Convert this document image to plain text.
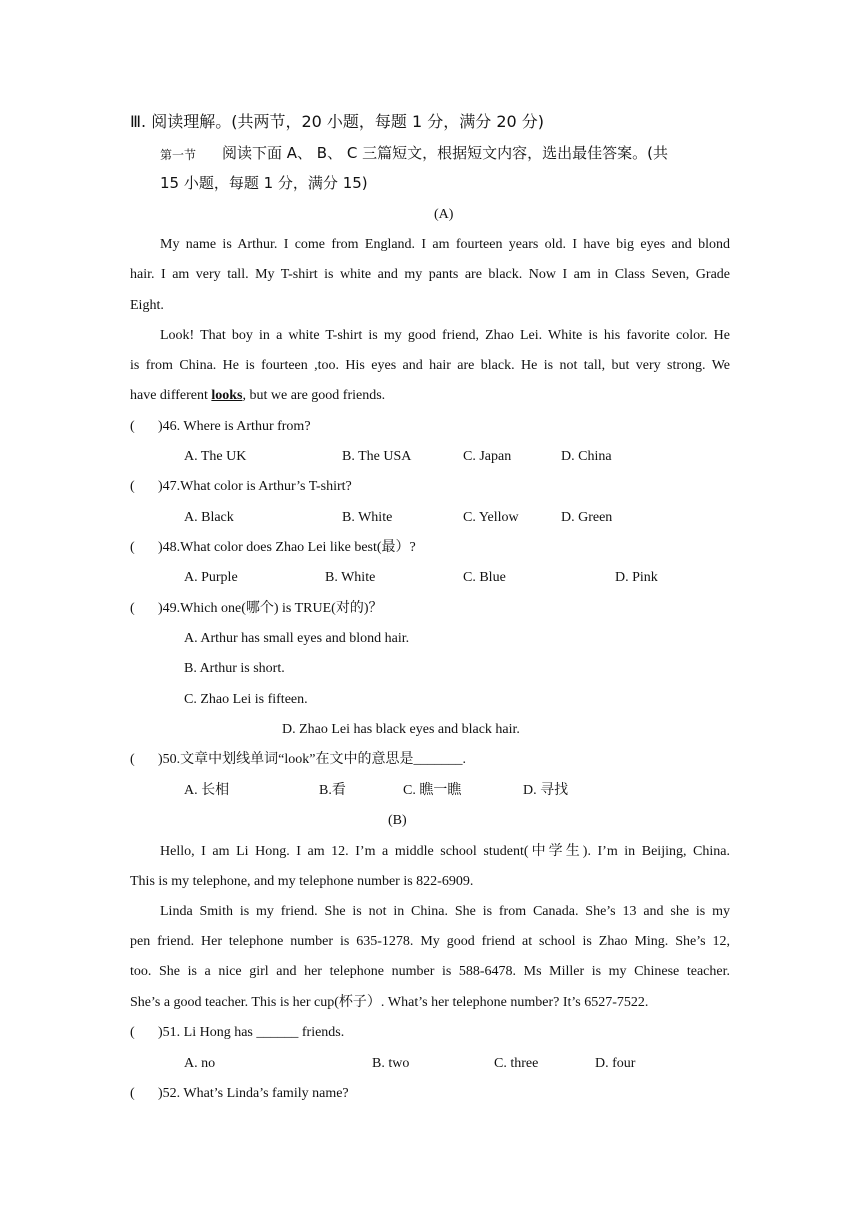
Ⅲ. 阅读理解。(共两节，20 小题，每题 1 分，满分 20 分)
第一节 阅读下面 A、 B、 C 三篇短文，根据短文内容，选出最佳答案。(共
15 小题，每题 1 分，满分 15)
(A)
My name is Arthur. I come from England. I am fourteen years old. I have big eyes and blond
hair. I am very tall. My T-shirt is white and my pants are black. Now I am in Class Seven, Grade
Eight.
Look! That boy in a white T-shirt is my good friend, Zhao Lei. White is his favorite color. He
is from China. He is fourteen ,too. His eyes and hair are black. He is not tall, but very strong. We
have different looks, but we are good friends.
( )46. Where is Arthur from?
A. The UK	B. The USA	C. Japan	D. China
( )47.What color is Arthur’s T-shirt?
A. Black	B. White	C. Yellow	D. Green
( )48.What color does Zhao Lei like best(最）?
A. Purple	B. White	C. Blue	D. Pink
( )49.Which one(哪个) is TRUE(对的)？
A. Arthur has small eyes and blond hair.
B. Arthur is short.
C. Zhao Lei is fifteen.
D. Zhao Lei has black eyes and black hair.
( )50.文章中划线单词“look”在文中的意思是_______.
A. 长相	B.看	C. 瞧一瞧	D. 寻找
(B)
Hello, I am Li Hong. I am 12. I’m a middle school student(中学生). I’m in Beijing, China.
This is my telephone, and my telephone number is 822-6909.
Linda Smith is my friend. She is not in China. She is from Canada. She’s 13 and she is my
pen friend. Her telephone number is 635-1278. My good friend at school is Zhao Ming. She’s 12,
too. She is a nice girl and her telephone number is 588-6478. Ms Miller is my Chinese teacher.
She’s a good teacher. This is her cup(杯子）. What’s her telephone number? It’s 6527-7522.
( )51. Li Hong has ______ friends.
A. no	B. two	C. three	D. four
( )52. What’s Linda’s family name?
